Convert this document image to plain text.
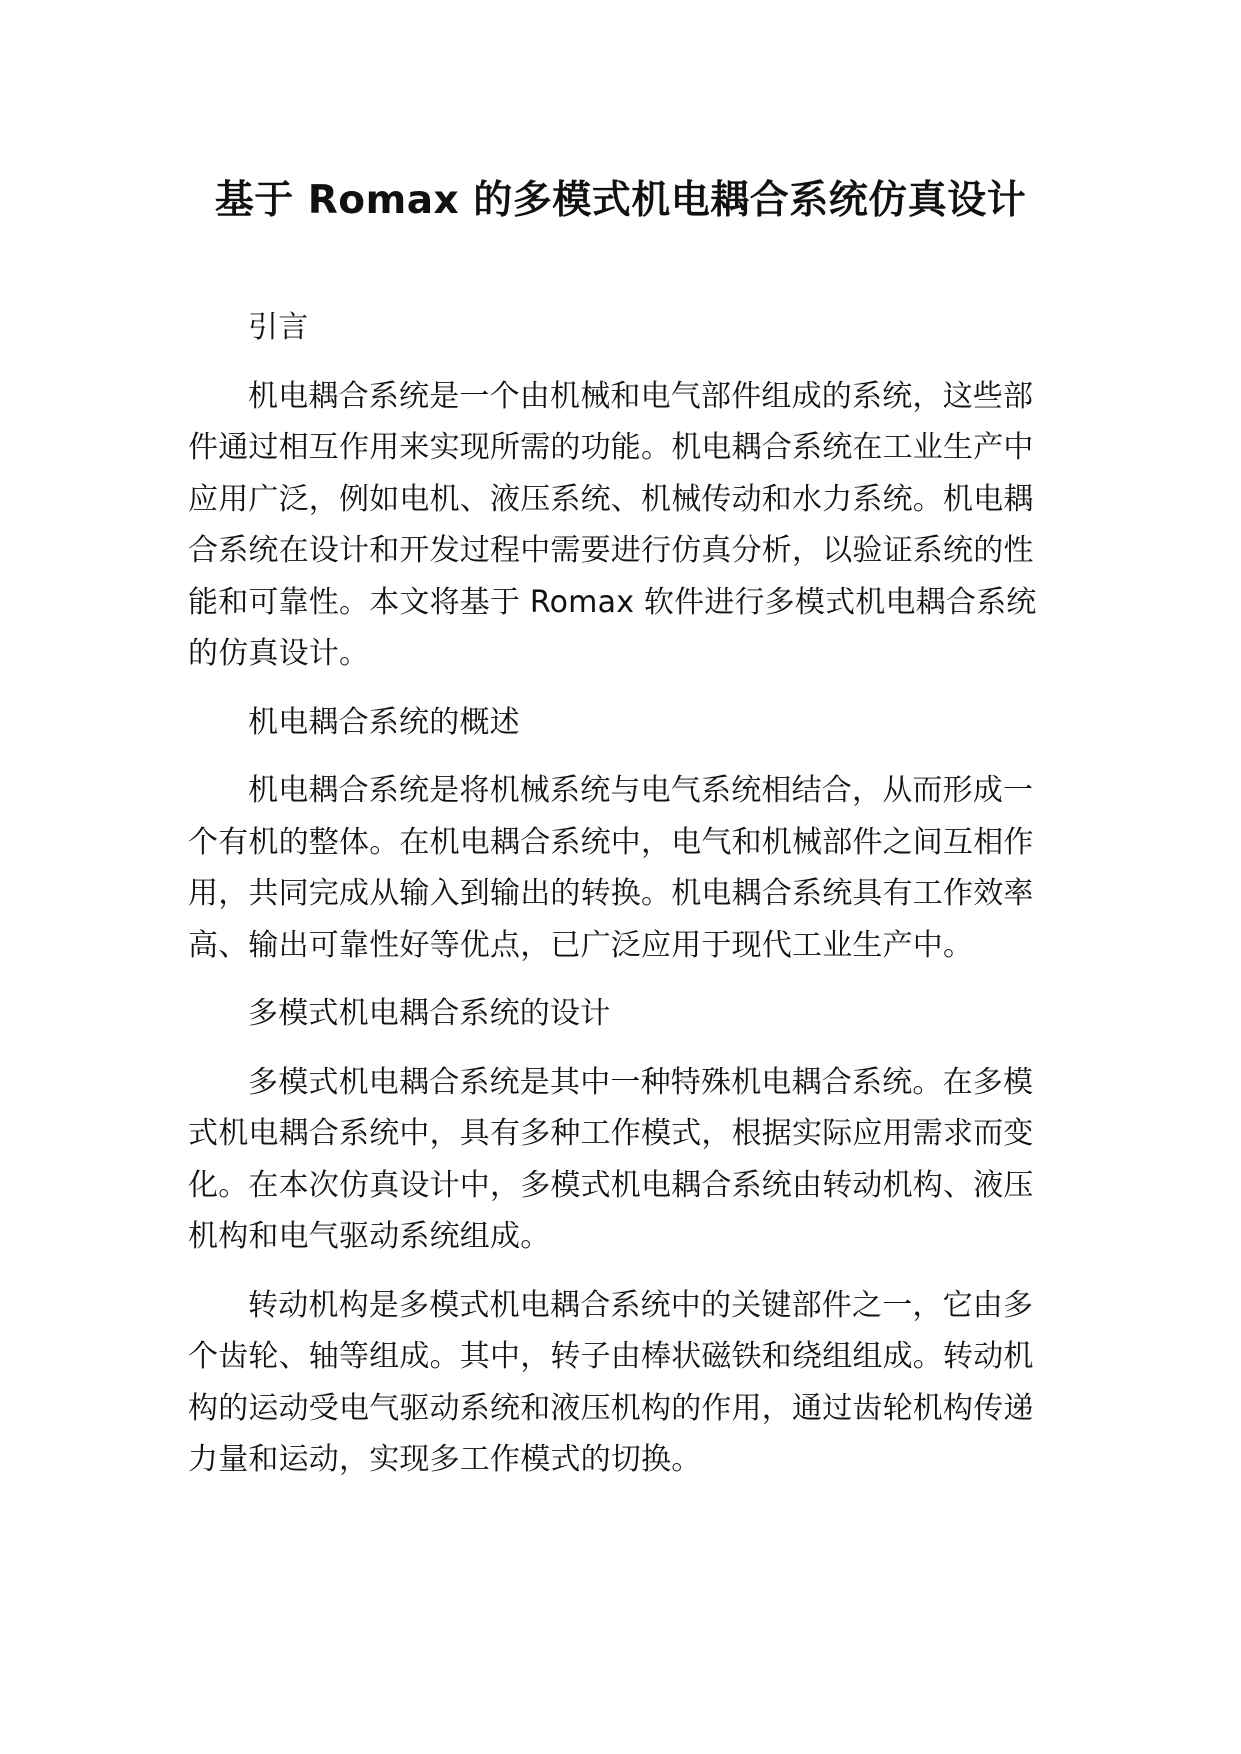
基于 Romax 的多模式机电耦合系统仿真设计

引言

机电耦合系统是一个由机械和电气部件组成的系统，这些部件通过相互作用来实现所需的功能。机电耦合系统在工业生产中应用广泛，例如电机、液压系统、机械传动和水力系统。机电耦合系统在设计和开发过程中需要进行仿真分析，以验证系统的性能和可靠性。本文将基于 Romax 软件进行多模式机电耦合系统的仿真设计。

机电耦合系统的概述

机电耦合系统是将机械系统与电气系统相结合，从而形成一个有机的整体。在机电耦合系统中，电气和机械部件之间互相作用，共同完成从输入到输出的转换。机电耦合系统具有工作效率高、输出可靠性好等优点，已广泛应用于现代工业生产中。

多模式机电耦合系统的设计

多模式机电耦合系统是其中一种特殊机电耦合系统。在多模式机电耦合系统中，具有多种工作模式，根据实际应用需求而变化。在本次仿真设计中，多模式机电耦合系统由转动机构、液压机构和电气驱动系统组成。

转动机构是多模式机电耦合系统中的关键部件之一，它由多个齿轮、轴等组成。其中，转子由棒状磁铁和绕组组成。转动机构的运动受电气驱动系统和液压机构的作用，通过齿轮机构传递力量和运动，实现多工作模式的切换。
